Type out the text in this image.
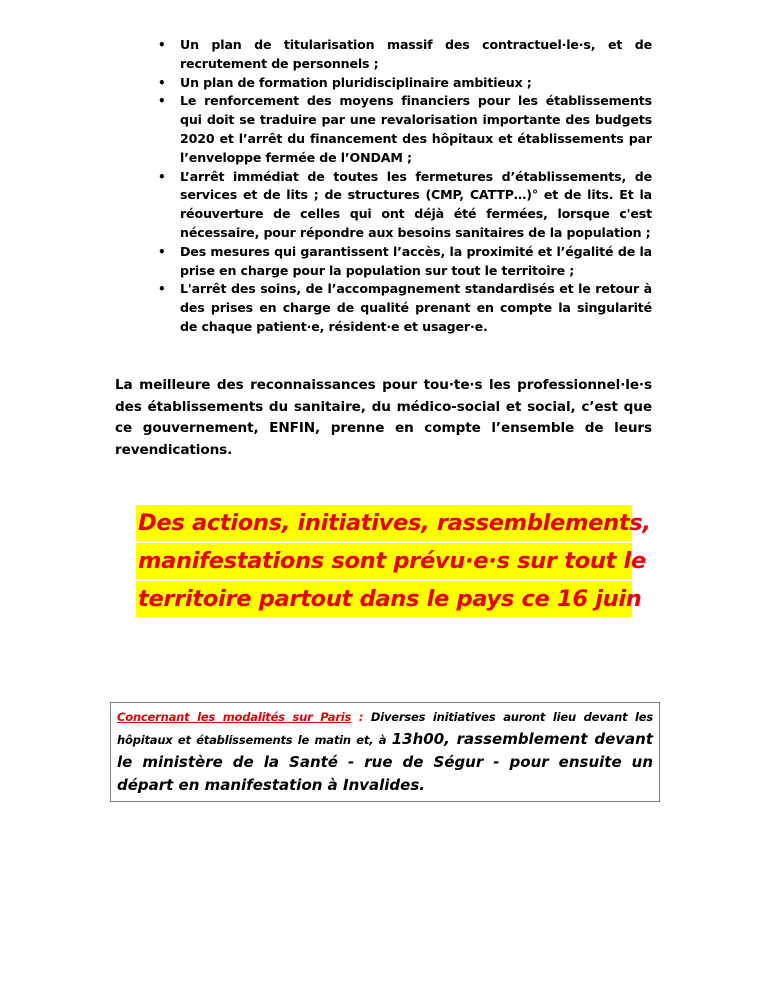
• Un plan de titularisation massif des contractuel·le·s, et de recrutement de personnels ;
• Un plan de formation pluridisciplinaire ambitieux ;
• Le renforcement des moyens financiers pour les établissements qui doit se traduire par une revalorisation importante des budgets 2020 et l’arrêt du financement des hôpitaux et établissements par l’enveloppe fermée de l’ONDAM ;
• L’arrêt immédiat de toutes les fermetures d’établissements, de services et de lits ; de structures (CMP, CATTP…)° et de lits. Et la réouverture de celles qui ont déjà été fermées, lorsque c'est nécessaire, pour répondre aux besoins sanitaires de la population ;
• Des mesures qui garantissent l’accès, la proximité et l’égalité de la prise en charge pour la population sur tout le territoire ;
• L'arrêt des soins, de l’accompagnement standardisés et le retour à des prises en charge de qualité prenant en compte la singularité de chaque patient·e, résident·e et usager·e.

La meilleure des reconnaissances pour tou·te·s les professionnel·le·s des établissements du sanitaire, du médico-social et social, c’est que ce gouvernement, ENFIN, prenne en compte l’ensemble de leurs revendications.

Des actions, initiatives, rassemblements,
manifestations sont prévu·e·s sur tout le
territoire partout dans le pays ce 16 juin

Concernant les modalités sur Paris : Diverses initiatives auront lieu devant les hôpitaux et établissements le matin et, à 13h00, rassemblement devant le ministère de la Santé - rue de Ségur - pour ensuite un départ en manifestation à Invalides.
